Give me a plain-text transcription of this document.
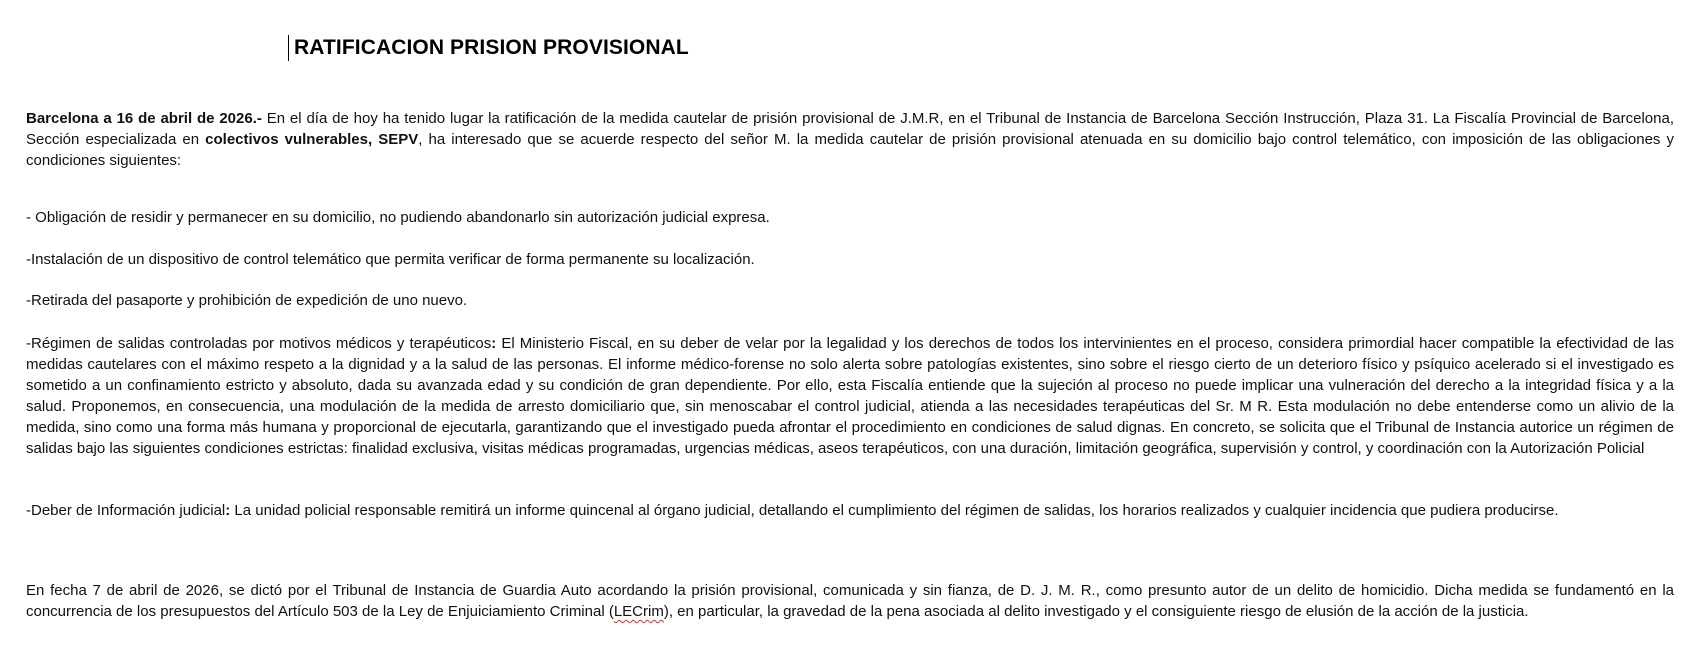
RATIFICACION PRISION PROVISIONAL

Barcelona a 16 de abril de 2026.- En el día de hoy ha tenido lugar la ratificación de la medida cautelar de prisión provisional de J.M.R, en el Tribunal de Instancia de Barcelona Sección Instrucción, Plaza 31. La Fiscalía Provincial de Barcelona, Sección especializada en colectivos vulnerables, SEPV, ha interesado que se acuerde respecto del señor M. la medida cautelar de prisión provisional atenuada en su domicilio bajo control telemático, con imposición de las obligaciones y condiciones siguientes:

- Obligación de residir y permanecer en su domicilio, no pudiendo abandonarlo sin autorización judicial expresa.

-Instalación de un dispositivo de control telemático que permita verificar de forma permanente su localización.

-Retirada del pasaporte y prohibición de expedición de uno nuevo.

-Régimen de salidas controladas por motivos médicos y terapéuticos: El Ministerio Fiscal, en su deber de velar por la legalidad y los derechos de todos los intervinientes en el proceso, considera primordial hacer compatible la efectividad de las medidas cautelares con el máximo respeto a la dignidad y a la salud de las personas. El informe médico-forense no solo alerta sobre patologías existentes, sino sobre el riesgo cierto de un deterioro físico y psíquico acelerado si el investigado es sometido a un confinamiento estricto y absoluto, dada su avanzada edad y su condición de gran dependiente. Por ello, esta Fiscalía entiende que la sujeción al proceso no puede implicar una vulneración del derecho a la integridad física y a la salud. Proponemos, en consecuencia, una modulación de la medida de arresto domiciliario que, sin menoscabar el control judicial, atienda a las necesidades terapéuticas del Sr. M R. Esta modulación no debe entenderse como un alivio de la medida, sino como una forma más humana y proporcional de ejecutarla, garantizando que el investigado pueda afrontar el procedimiento en condiciones de salud dignas. En concreto, se solicita que el Tribunal de Instancia autorice un régimen de salidas bajo las siguientes condiciones estrictas: finalidad exclusiva, visitas médicas programadas, urgencias médicas, aseos terapéuticos, con una duración, limitación geográfica, supervisión y control, y coordinación con la Autorización Policial

-Deber de Información judicial: La unidad policial responsable remitirá un informe quincenal al órgano judicial, detallando el cumplimiento del régimen de salidas, los horarios realizados y cualquier incidencia que pudiera producirse.

En fecha 7 de abril de 2026, se dictó por el Tribunal de Instancia de Guardia Auto acordando la prisión provisional, comunicada y sin fianza, de D. J. M. R., como presunto autor de un delito de homicidio. Dicha medida se fundamentó en la concurrencia de los presupuestos del Artículo 503 de la Ley de Enjuiciamiento Criminal (LECrim), en particular, la gravedad de la pena asociada al delito investigado y el consiguiente riesgo de elusión de la acción de la justicia.
